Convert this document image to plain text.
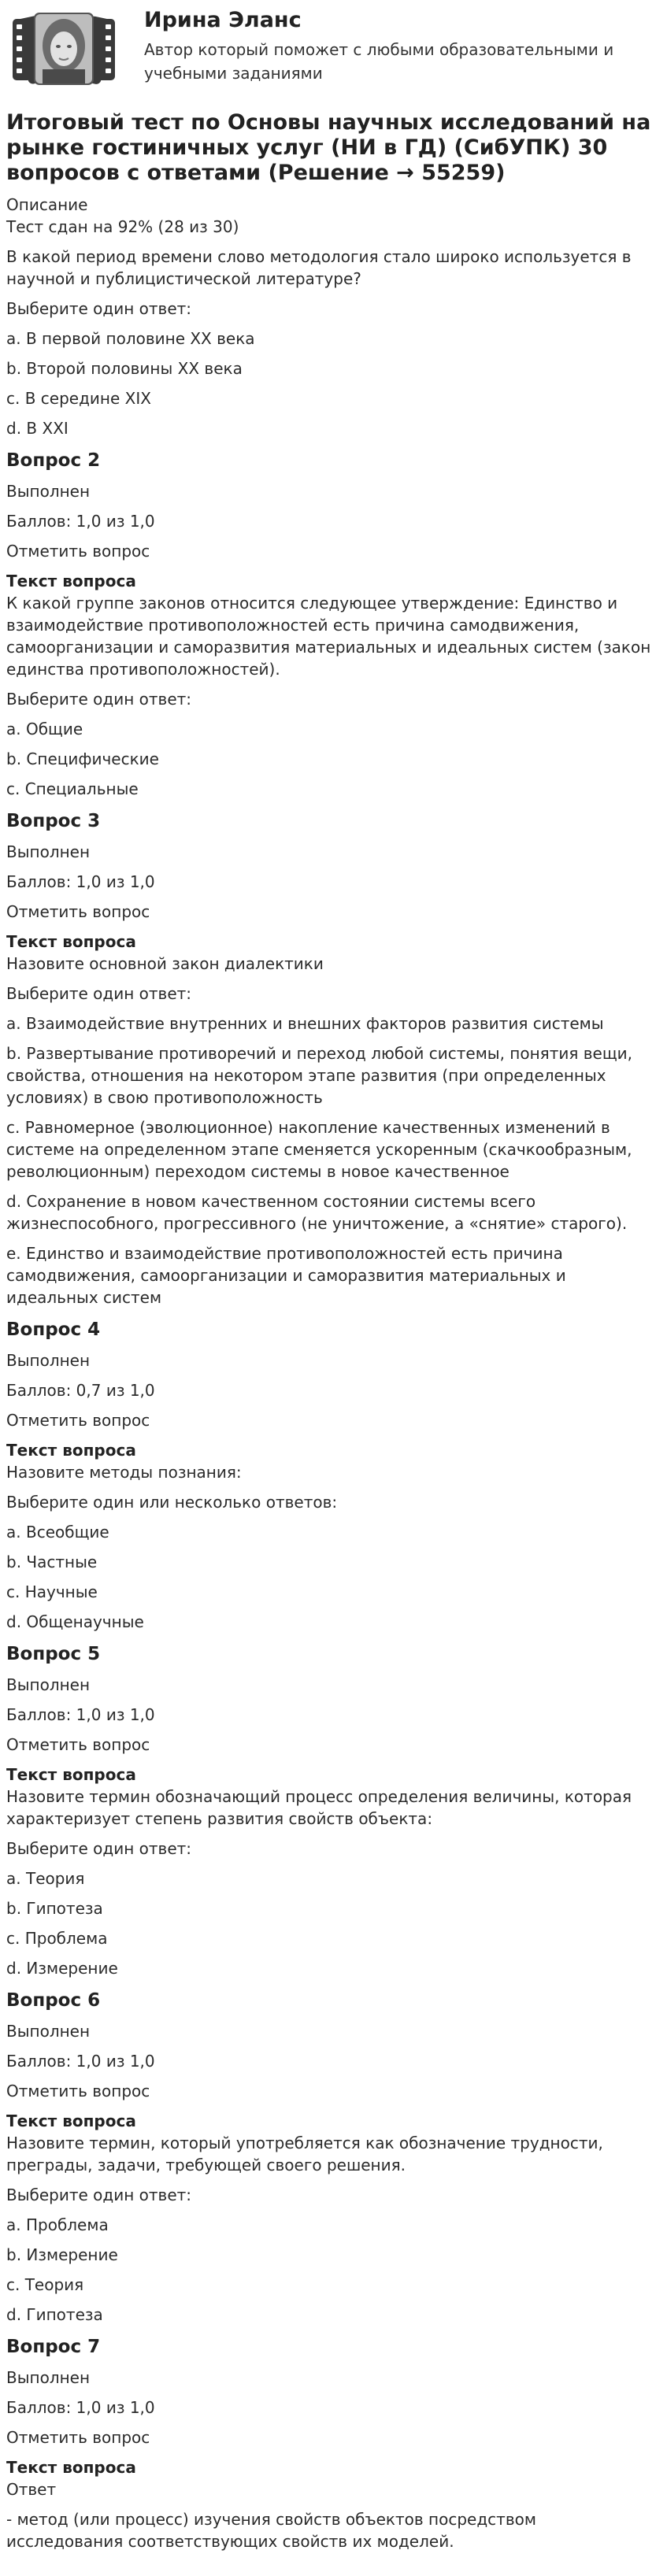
Ирина Эланс
Автор который поможет с любыми образовательными и учебными заданиями
Итоговый тест по Основы научных исследований на рынке гостиничных услуг (НИ в ГД) (СибУПК) 30 вопросов с ответами (Решение → 55259)

Описание

Тест сдан на 92% (28 из 30)

В какой период времени слово методология стало широко используется в научной и публицистической литературе?

Выберите один ответ:

a. В первой половине XX века

b. Второй половины XX века

c. В середине XIX

d. В XXI

Вопрос 2

Выполнен

Баллов: 1,0 из 1,0

Отметить вопрос

Текст вопроса

К какой группе законов относится следующее утверждение: Единство и взаимодействие противоположностей есть причина самодвижения, самоорганизации и саморазвития материальных и идеальных систем (закон единства противоположностей).

Выберите один ответ:

a. Общие

b. Специфические

c. Специальные

Вопрос 3

Выполнен

Баллов: 1,0 из 1,0

Отметить вопрос

Текст вопроса

Назовите основной закон диалектики

Выберите один ответ:

a. Взаимодействие внутренних и внешних факторов развития системы

b. Развертывание противоречий и переход любой системы, понятия вещи, свойства, отношения на некотором этапе развития (при определенных условиях) в свою противоположность

c. Равномерное (эволюционное) накопление качественных изменений в системе на определенном этапе сменяется ускоренным (скачкообразным, революционным) переходом системы в новое качественное

d. Сохранение в новом качественном состоянии системы всего жизнеспособного, прогрессивного (не уничтожение, а «снятие» старого).

e. Единство и взаимодействие противоположностей есть причина самодвижения, самоорганизации и саморазвития материальных и идеальных систем

Вопрос 4

Выполнен

Баллов: 0,7 из 1,0

Отметить вопрос

Текст вопроса

Назовите методы познания:

Выберите один или несколько ответов:

a. Всеобщие

b. Частные

c. Научные

d. Общенаучные

Вопрос 5

Выполнен

Баллов: 1,0 из 1,0

Отметить вопрос

Текст вопроса

Назовите термин обозначающий процесс определения величины, которая характеризует степень развития свойств объекта:

Выберите один ответ:

a. Теория

b. Гипотеза

c. Проблема

d. Измерение

Вопрос 6

Выполнен

Баллов: 1,0 из 1,0

Отметить вопрос

Текст вопроса

Назовите термин, который употребляется как обозначение трудности, преграды, задачи, требующей своего решения.

Выберите один ответ:

a. Проблема

b. Измерение

c. Теория

d. Гипотеза

Вопрос 7

Выполнен

Баллов: 1,0 из 1,0

Отметить вопрос

Текст вопроса

Ответ

- метод (или процесс) изучения свойств объектов посредством исследования соответствующих свойств их моделей.
